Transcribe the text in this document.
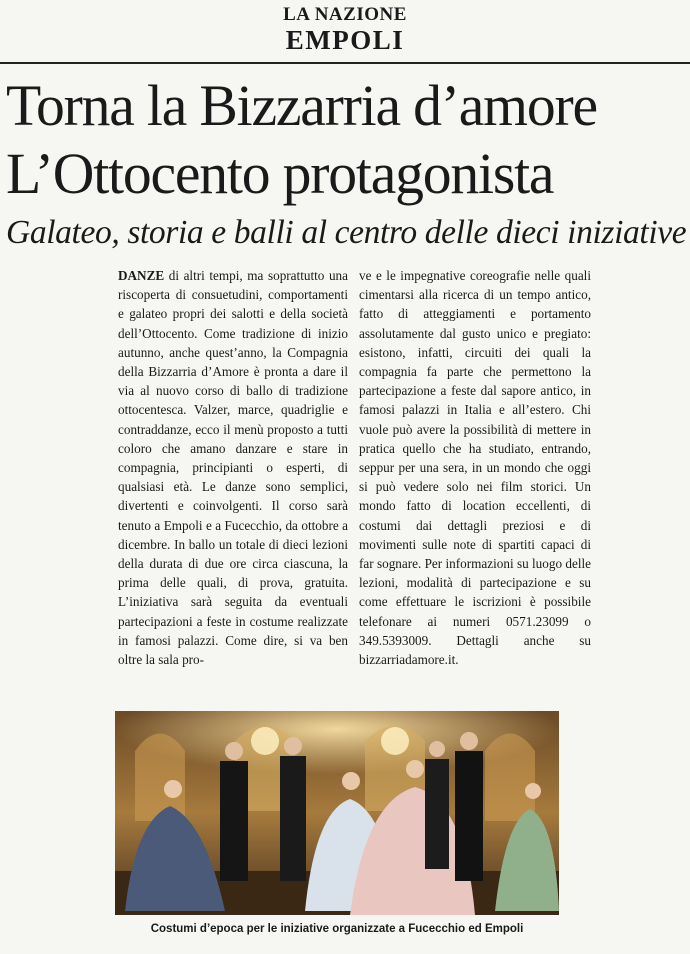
LA NAZIONE
EMPOLI
Torna la Bizzarria d’amore
L’Ottocento protagonista
Galateo, storia e balli al centro delle dieci iniziative
DANZE di altri tempi, ma soprattutto una riscoperta di consuetudini, comportamenti e galateo propri dei salotti e della società dell’Ottocento. Come tradizione di inizio autunno, anche quest’anno, la Compagnia della Bizzarria d’Amore è pronta a dare il via al nuovo corso di ballo di tradizione ottocentesca. Valzer, marce, quadriglie e contraddanze, ecco il menù proposto a tutti coloro che amano danzare e stare in compagnia, principianti o esperti, di qualsiasi età. Le danze sono semplici, divertenti e coinvolgenti. Il corso sarà tenuto a Empoli e a Fucecchio, da ottobre a dicembre. In ballo un totale di dieci lezioni della durata di due ore circa ciascuna, la prima delle quali, di prova, gratuita. L’iniziativa sarà seguita da eventuali partecipazioni a feste in costume realizzate in famosi palazzi. Come dire, si va ben oltre la sala pro-
ve e le impegnative coreografie nelle quali cimentarsi alla ricerca di un tempo antico, fatto di atteggiamenti e portamento assolutamente dal gusto unico e pregiato: esistono, infatti, circuiti dei quali la compagnia fa parte che permettono la partecipazione a feste dal sapore antico, in famosi palazzi in Italia e all’estero. Chi vuole può avere la possibilità di mettere in pratica quello che ha studiato, entrando, seppur per una sera, in un mondo che oggi si può vedere solo nei film storici. Un mondo fatto di location eccellenti, di costumi dai dettagli preziosi e di movimenti sulle note di spartiti capaci di far sognare. Per informazioni su luogo delle lezioni, modalità di partecipazione e su come effettuare le iscrizioni è possibile telefonare ai numeri 0571.23099 o 349.5393009. Dettagli anche su bizzarriadamore.it.
Costumi d’epoca per le iniziative organizzate a Fucecchio ed Empoli
